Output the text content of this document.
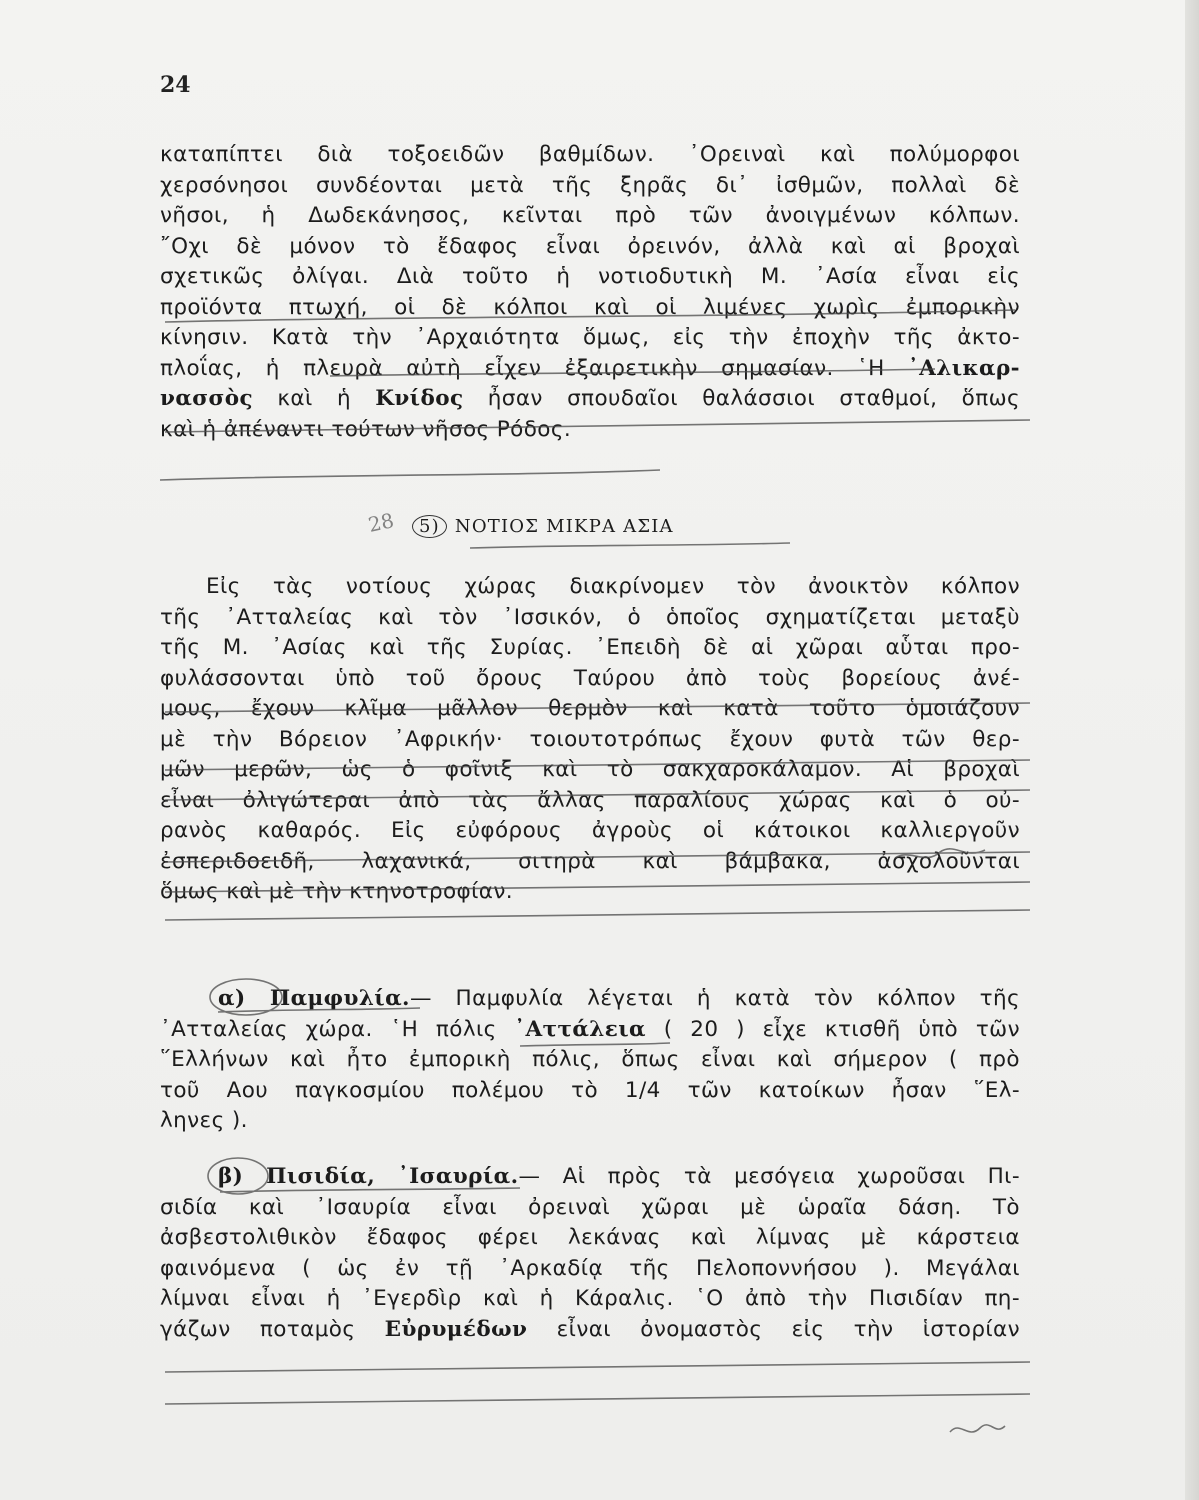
24
καταπίπτει διὰ τοξοειδῶν βαθμίδων. ᾿Ορειναὶ καὶ πολύμορφοι
χερσόνησοι συνδέονται μετὰ τῆς ξηρᾶς δι᾿ ἰσθμῶν, πολλαὶ δὲ
νῆσοι, ἡ Δωδεκάνησος, κεῖνται πρὸ τῶν ἀνοιγμένων κόλπων.
῎Οχι δὲ μόνον τὸ ἔδαφος εἶναι ὀρεινόν, ἀλλὰ καὶ αἱ βροχαὶ
σχετικῶς ὀλίγαι. Διὰ τοῦτο ἡ νοτιοδυτικὴ Μ. ᾿Ασία εἶναι εἰς
προϊόντα πτωχή, οἱ δὲ κόλποι καὶ οἱ λιμένες χωρὶς ἐμπορικὴν
κίνησιν. Κατὰ τὴν ᾿Αρχαιότητα ὅμως, εἰς τὴν ἐποχὴν τῆς ἀκτο-
πλοΐας, ἡ πλευρὰ αὐτὴ εἶχεν ἐξαιρετικὴν σημασίαν. ῾Η ᾿Αλικαρ-
νασσὸς καὶ ἡ Κνίδος ἦσαν σπουδαῖοι θαλάσσιοι σταθμοί, ὅπως
καὶ ἡ ἀπέναντι τούτων νῆσος Ρόδος.
5) ΝΟΤΙΟΣ ΜΙΚΡΑ ΑΣΙΑ
Εἰς τὰς νοτίους χώρας διακρίνομεν τὸν ἀνοικτὸν κόλπον
τῆς ᾿Ατταλείας καὶ τὸν ᾿Ισσικόν, ὁ ὁποῖος σχηματίζεται μεταξὺ
τῆς Μ. ᾿Ασίας καὶ τῆς Συρίας. ᾿Επειδὴ δὲ αἱ χῶραι αὗται προ-
φυλάσσονται ὑπὸ τοῦ ὄρους Ταύρου ἀπὸ τοὺς βορείους ἀνέ-
μους, ἔχουν κλῖμα μᾶλλον θερμὸν καὶ κατὰ τοῦτο ὁμοιάζουν
μὲ τὴν Βόρειον ᾿Αφρικήν· τοιουτοτρόπως ἔχουν φυτὰ τῶν θερ-
μῶν μερῶν, ὡς ὁ φοῖνιξ καὶ τὸ σακχαροκάλαμον. Αἱ βροχαὶ
εἶναι ὀλιγώτεραι ἀπὸ τὰς ἄλλας παραλίους χώρας καὶ ὁ οὐ-
ρανὸς καθαρός. Εἰς εὐφόρους ἀγροὺς οἱ κάτοικοι καλλιεργοῦν
ἐσπεριδοειδῆ, λαχανικά, σιτηρὰ καὶ βάμβακα, ἀσχολοῦνται
ὅμως καὶ μὲ τὴν κτηνοτροφίαν.
α) Παμφυλία.— Παμφυλία λέγεται ἡ κατὰ τὸν κόλπον τῆς
᾿Ατταλείας χώρα. ῾Η πόλις ᾿Αττάλεια ( 20 ) εἶχε κτισθῆ ὑπὸ τῶν
῞Ελλήνων καὶ ἦτο ἐμπορικὴ πόλις, ὅπως εἶναι καὶ σήμερον ( πρὸ
τοῦ Αου παγκοσμίου πολέμου τὸ 1/4 τῶν κατοίκων ἦσαν ῞Ελ-
ληνες ).
β) Πισιδία, ᾿Ισαυρία.— Αἱ πρὸς τὰ μεσόγεια χωροῦσαι Πι-
σιδία καὶ ᾿Ισαυρία εἶναι ὀρειναὶ χῶραι μὲ ὡραῖα δάση. Τὸ
ἀσβεστολιθικὸν ἔδαφος φέρει λεκάνας καὶ λίμνας μὲ κάρστεια
φαινόμενα ( ὡς ἐν τῇ ᾿Αρκαδίᾳ τῆς Πελοποννήσου ). Μεγάλαι
λίμναι εἶναι ἡ ᾿Εγερδὶρ καὶ ἡ Κάραλις. ῾Ο ἀπὸ τὴν Πισιδίαν πη-
γάζων ποταμὸς Εὐρυμέδων εἶναι ὀνομαστὸς εἰς τὴν ἱστορίαν
28
